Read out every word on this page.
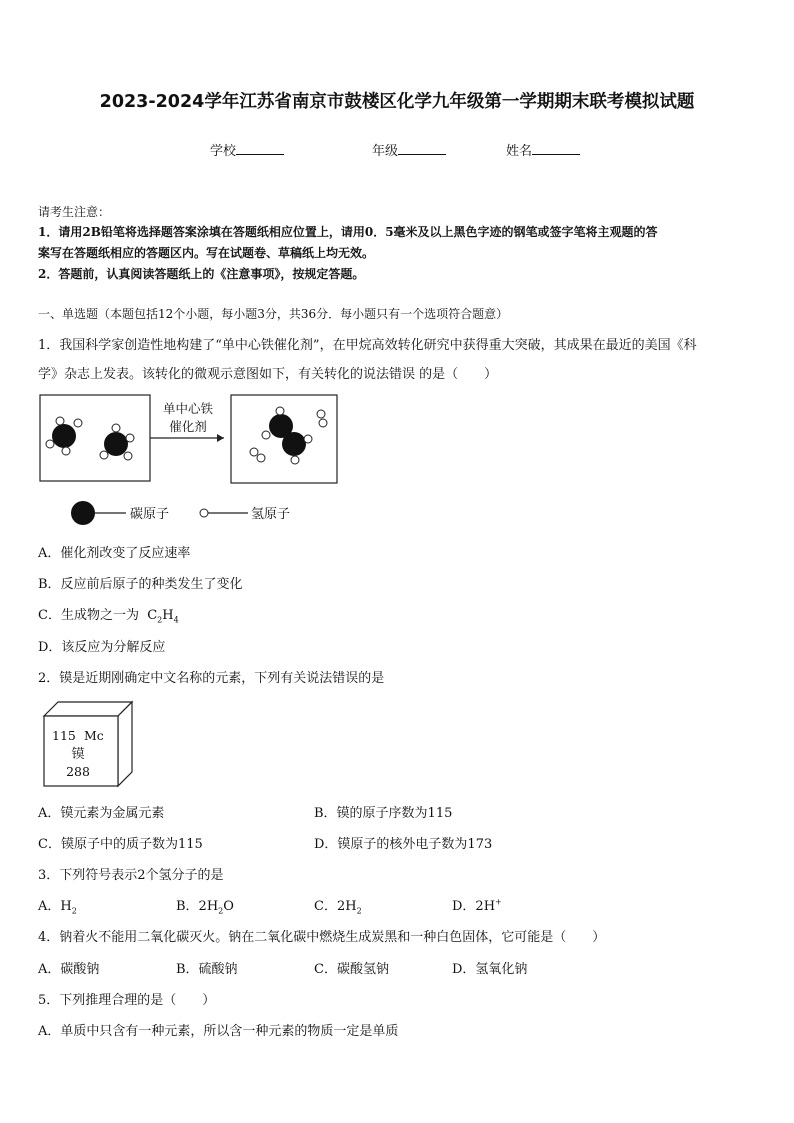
2023-2024学年江苏省南京市鼓楼区化学九年级第一学期期末联考模拟试题
学校	年级	姓名
请考生注意：
1．请用2B铅笔将选择题答案涂填在答题纸相应位置上，请用0．5毫米及以上黑色字迹的钢笔或签字笔将主观题的答
案写在答题纸相应的答题区内。写在试题卷、草稿纸上均无效。
2．答题前，认真阅读答题纸上的《注意事项》，按规定答题。
一、单选题（本题包括12个小题，每小题3分，共36分．每小题只有一个选项符合题意）
1．我国科学家创造性地构建了“单中心铁催化剂”，在甲烷高效转化研究中获得重大突破，其成果在最近的美国《科
学》杂志上发表。该转化的微观示意图如下，有关转化的说法错误 的是（　　）
单中心铁
催化剂
碳原子	氢原子
A．催化剂改变了反应速率
B．反应前后原子的种类发生了变化
C．生成物之一为 $C_2H_4$
D．该反应为分解反应
2．镆是近期刚确定中文名称的元素，下列有关说法错误的是
115 Mc
镆
288
A．镆元素为金属元素	B．镆的原子序数为115
C．镆原子中的质子数为115	D．镆原子的核外电子数为173
3．下列符号表示2个氢分子的是
A．$H_2$	B．$2H_2O$	C．$2H_2$	D．2H+
4．钠着火不能用二氧化碳灭火。钠在二氧化碳中燃烧生成炭黑和一种白色固体，它可能是（　　）
A．碳酸钠	B．硫酸钠	C．碳酸氢钠	D．氢氧化钠
5．下列推理合理的是（　　）
A．单质中只含有一种元素，所以含一种元素的物质一定是单质
